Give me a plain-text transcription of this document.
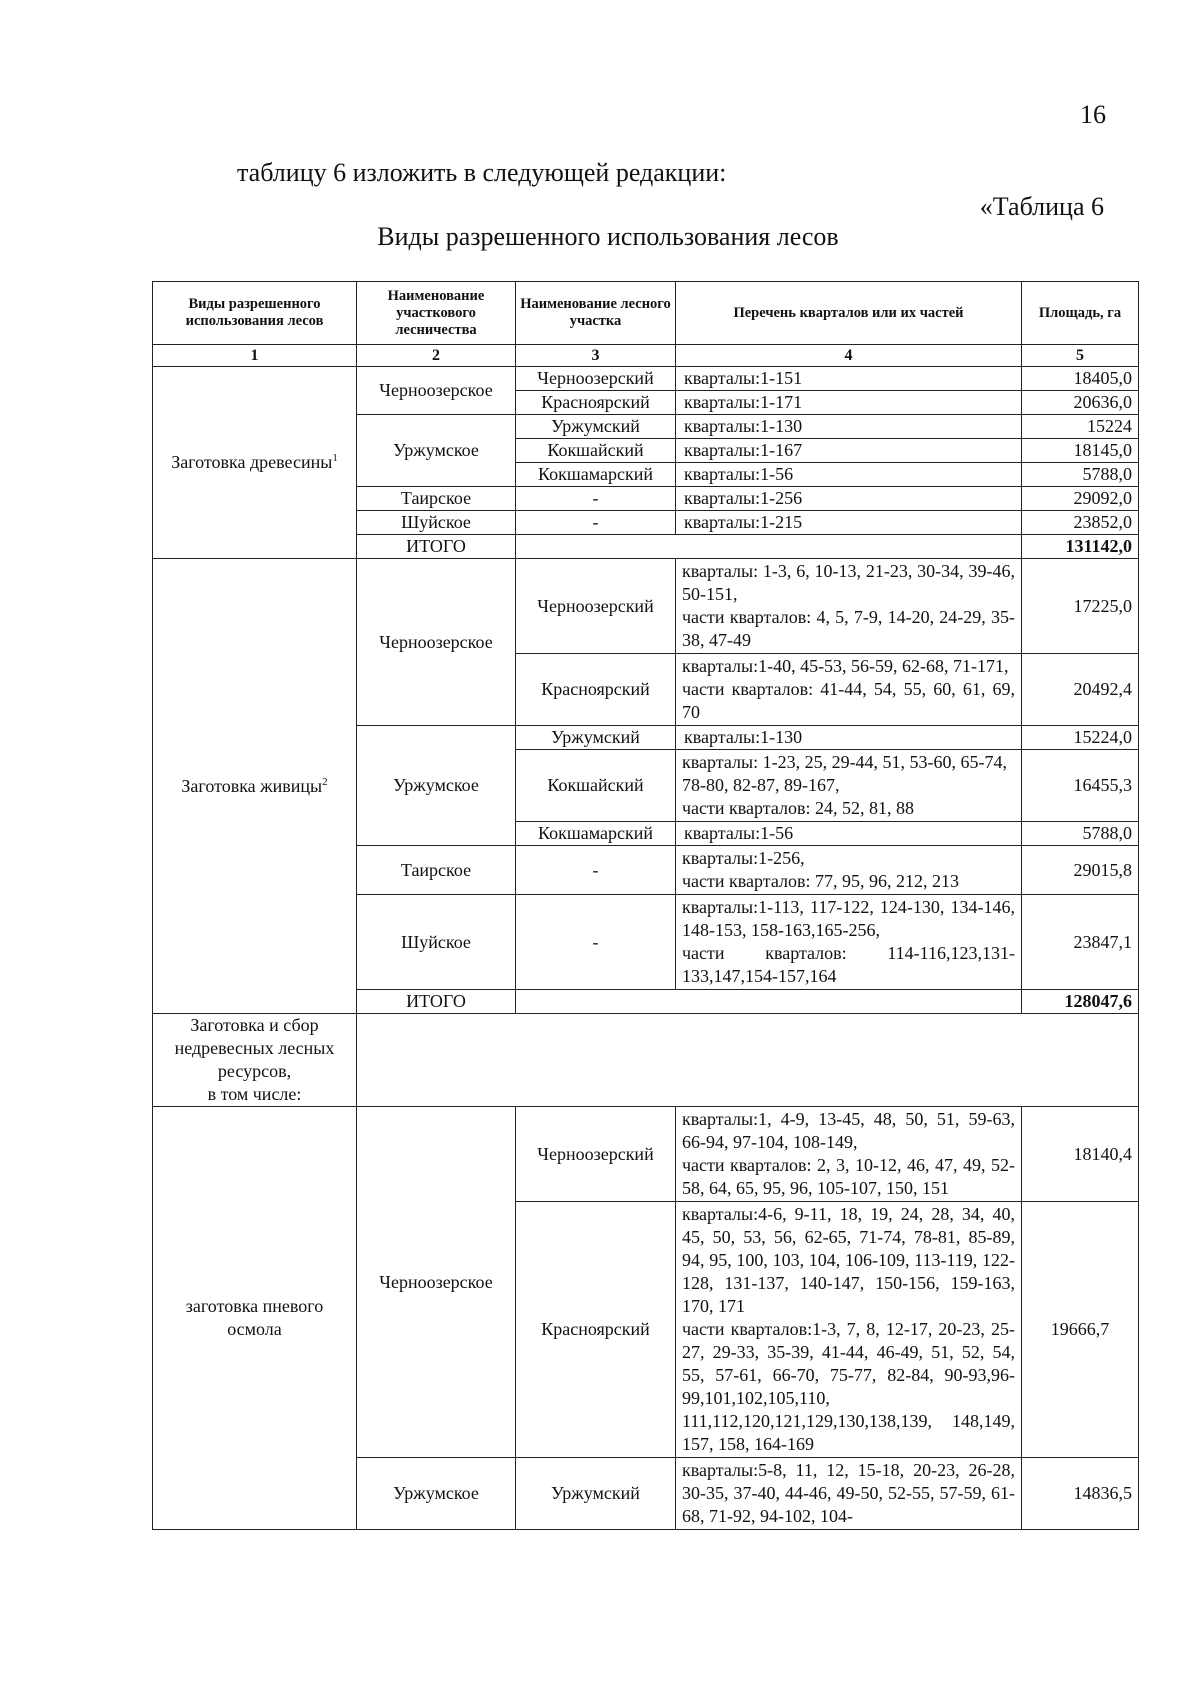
16
таблицу 6 изложить в следующей редакции:
«Таблица 6
Виды разрешенного использования лесов
Виды разрешенного использования лесов	Наименование участкового лесничества	Наименование лесного участка	Перечень кварталов или их частей	Площадь, га
1	2	3	4	5
Заготовка древесины$^1$	Черноозерское	Черноозерский	кварталы:1-151	18405,0
		Красноярский	кварталы:1-171	20636,0
	Уржумское	Уржумский	кварталы:1-130	15224
		Кокшайский	кварталы:1-167	18145,0
		Кокшамарский	кварталы:1-56	5788,0
	Таирское	-	кварталы:1-256	29092,0
	Шуйское	-	кварталы:1-215	23852,0
	ИТОГО			131142,0
Заготовка живицы$^2$	Черноозерское	Черноозерский	кварталы: 1-3, 6, 10-13, 21-23, 30-34, 39-46, 50-151,
части кварталов: 4, 5, 7-9, 14-20, 24-29, 35-38, 47-49	17225,0
		Красноярский	кварталы:1-40, 45-53, 56-59, 62-68, 71-171,
части кварталов: 41-44, 54, 55, 60, 61, 69, 70	20492,4
	Уржумское	Уржумский	кварталы:1-130	15224,0
		Кокшайский	кварталы: 1-23, 25, 29-44, 51, 53-60, 65-74, 78-80, 82-87, 89-167,
части кварталов: 24, 52, 81, 88	16455,3
		Кокшамарский	кварталы:1-56	5788,0
	Таирское	-	кварталы:1-256,
части кварталов: 77, 95, 96, 212, 213	29015,8
	Шуйское	-	кварталы:1-113, 117-122, 124-130, 134-146, 148-153, 158-163,165-256,
части кварталов: 114-116,123,131-133,147,154-157,164	23847,1
	ИТОГО			128047,6
Заготовка и сбор недревесных лесных ресурсов,
в том числе:				
заготовка пневого осмола	Черноозерское	Черноозерский	кварталы:1, 4-9, 13-45, 48, 50, 51, 59-63, 66-94, 97-104, 108-149,
части кварталов: 2, 3, 10-12, 46, 47, 49, 52-58, 64, 65, 95, 96, 105-107, 150, 151	18140,4
		Красноярский	кварталы:4-6, 9-11, 18, 19, 24, 28, 34, 40, 45, 50, 53, 56, 62-65, 71-74, 78-81, 85-89, 94, 95, 100, 103, 104, 106-109, 113-119, 122-128, 131-137, 140-147, 150-156, 159-163, 170, 171
части кварталов:1-3, 7, 8, 12-17, 20-23, 25-27, 29-33, 35-39, 41-44, 46-49, 51, 52, 54, 55, 57-61, 66-70, 75-77, 82-84, 90-93,96-99,101,102,105,110, 111,112,120,121,129,130,138,139, 148,149, 157, 158, 164-169	19666,7
	Уржумское	Уржумский	кварталы:5-8, 11, 12, 15-18, 20-23, 26-28, 30-35, 37-40, 44-46, 49-50, 52-55, 57-59, 61-68, 71-92, 94-102, 104-	14836,5
